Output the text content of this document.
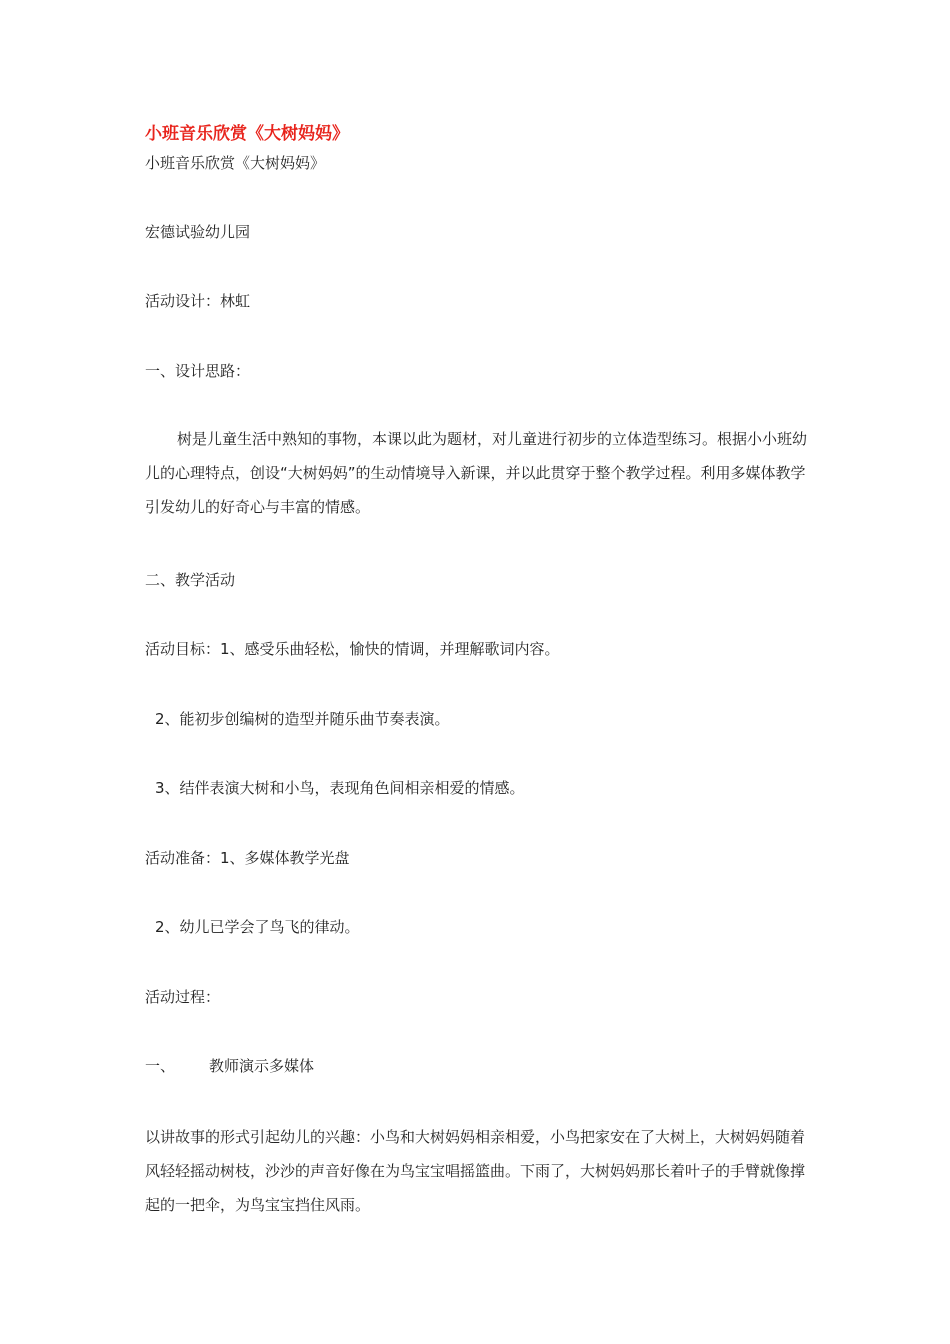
小班音乐欣赏《大树妈妈》
小班音乐欣赏《大树妈妈》
宏德试验幼儿园
活动设计：林虹
一、设计思路：
树是儿童生活中熟知的事物，本课以此为题材，对儿童进行初步的立体造型练习。根据小小班幼儿的心理特点，创设“大树妈妈”的生动情境导入新课，并以此贯穿于整个教学过程。利用多媒体教学引发幼儿的好奇心与丰富的情感。
二、教学活动
活动目标：1、感受乐曲轻松，愉快的情调，并理解歌词内容。
2、能初步创编树的造型并随乐曲节奏表演。
3、结伴表演大树和小鸟，表现角色间相亲相爱的情感。
活动准备：1、多媒体教学光盘
2、幼儿已学会了鸟飞的律动。
活动过程：
一、 教师演示多媒体
以讲故事的形式引起幼儿的兴趣：小鸟和大树妈妈相亲相爱，小鸟把家安在了大树上，大树妈妈随着风轻轻摇动树枝，沙沙的声音好像在为鸟宝宝唱摇篮曲。下雨了，大树妈妈那长着叶子的手臂就像撑起的一把伞，为鸟宝宝挡住风雨。
